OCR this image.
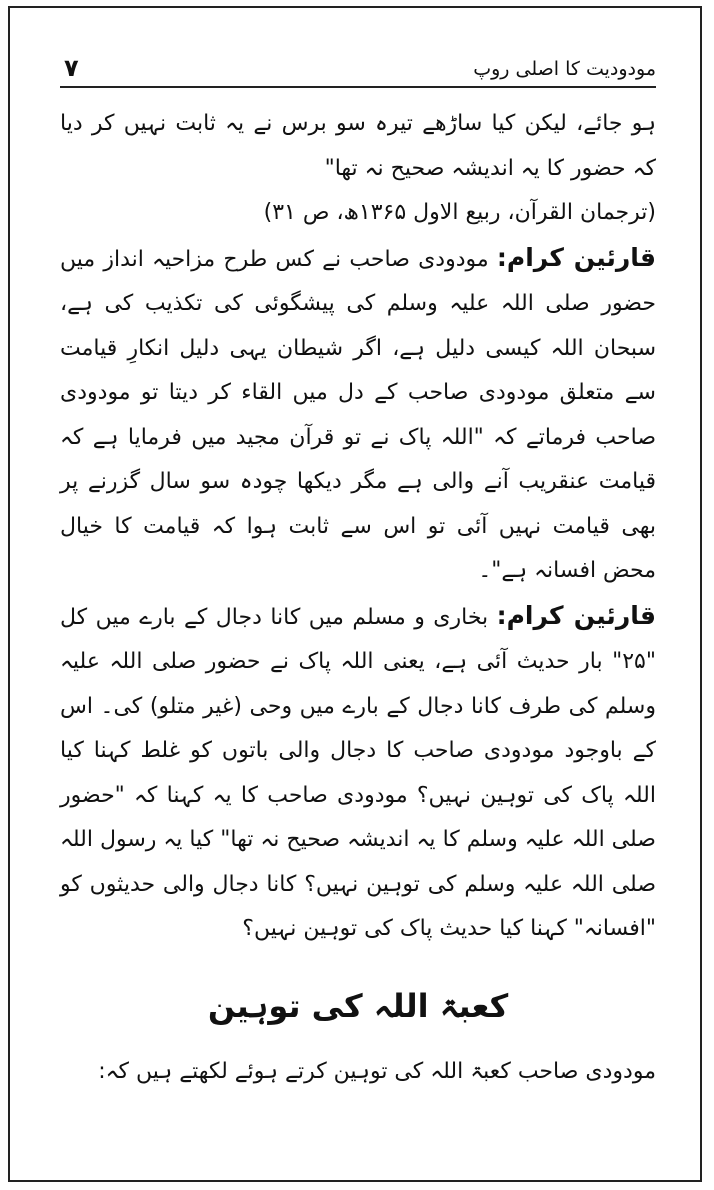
مودودیت کا اصلی روپ
۷

ہو جائے، لیکن کیا ساڑھے تیرہ سو برس نے یہ ثابت نہیں کر دیا کہ حضور کا یہ اندیشہ صحیح نہ تھا"

(ترجمان القرآن، ربیع الاول ۱۳۶۵ھ، ص ۳۱)

قارئین کرام: مودودی صاحب نے کس طرح مزاحیہ انداز میں حضور صلی اللہ علیہ وسلم کی پیشگوئی کی تکذیب کی ہے، سبحان اللہ کیسی دلیل ہے، اگر شیطان یہی دلیل انکارِ قیامت سے متعلق مودودی صاحب کے دل میں القاء کر دیتا تو مودودی صاحب فرماتے کہ "اللہ پاک نے تو قرآن مجید میں فرمایا ہے کہ قیامت عنقریب آنے والی ہے مگر دیکھا چودہ سو سال گزرنے پر بھی قیامت نہیں آئی تو اس سے ثابت ہوا کہ قیامت کا خیال محض افسانہ ہے"۔

قارئین کرام: بخاری و مسلم میں کانا دجال کے بارے میں کل "۲۵" بار حدیث آئی ہے، یعنی اللہ پاک نے حضور صلی اللہ علیہ وسلم کی طرف کانا دجال کے بارے میں وحی (غیر متلو) کی۔ اس کے باوجود مودودی صاحب کا دجال والی باتوں کو غلط کہنا کیا اللہ پاک کی توہین نہیں؟ مودودی صاحب کا یہ کہنا کہ "حضور صلی اللہ علیہ وسلم کا یہ اندیشہ صحیح نہ تھا" کیا یہ رسول اللہ صلی اللہ علیہ وسلم کی توہین نہیں؟ کانا دجال والی حدیثوں کو "افسانہ" کہنا کیا حدیث پاک کی توہین نہیں؟

کعبۃ اللہ کی توہین

مودودی صاحب کعبۃ اللہ کی توہین کرتے ہوئے لکھتے ہیں کہ:
